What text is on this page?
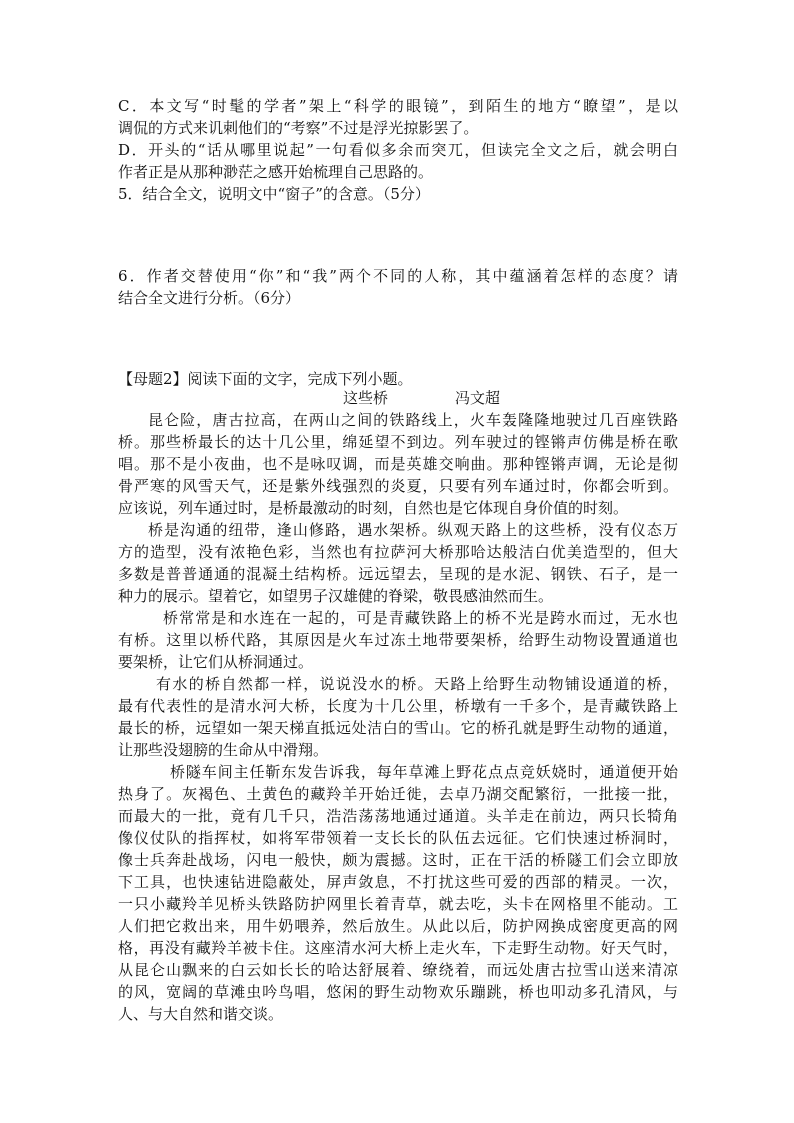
C．本文写“时髦的学者”架上“科学的眼镜”，到陌生的地方“瞭望”，是以
调侃的方式来讥刺他们的“考察”不过是浮光掠影罢了。
D．开头的“话从哪里说起”一句看似多余而突兀，但读完全文之后，就会明白
作者正是从那种渺茫之感开始梳理自己思路的。
5．结合全文，说明文中“窗子”的含意。（5分）
6．作者交替使用“你”和“我”两个不同的人称，其中蕴涵着怎样的态度？请
结合全文进行分析。（6分）
【母题2】阅读下面的文字，完成下列小题。
这些桥	冯文超
昆仑险，唐古拉高，在两山之间的铁路线上，火车轰隆隆地驶过几百座铁路
桥。那些桥最长的达十几公里，绵延望不到边。列车驶过的铿锵声仿佛是桥在歌
唱。那不是小夜曲，也不是咏叹调，而是英雄交响曲。那种铿锵声调，无论是彻
骨严寒的风雪天气，还是紫外线强烈的炎夏，只要有列车通过时，你都会听到。
应该说，列车通过时，是桥最激动的时刻，自然也是它体现自身价值的时刻。
桥是沟通的纽带，逢山修路，遇水架桥。纵观天路上的这些桥，没有仪态万
方的造型，没有浓艳色彩，当然也有拉萨河大桥那哈达般洁白优美造型的，但大
多数是普普通通的混凝土结构桥。远远望去，呈现的是水泥、钢铁、石子，是一
种力的展示。望着它，如望男子汉雄健的脊梁，敬畏感油然而生。
桥常常是和水连在一起的，可是青藏铁路上的桥不光是跨水而过，无水也
有桥。这里以桥代路，其原因是火车过冻土地带要架桥，给野生动物设置通道也
要架桥，让它们从桥洞通过。
有水的桥自然都一样，说说没水的桥。天路上给野生动物铺设通道的桥，
最有代表性的是清水河大桥，长度为十几公里，桥墩有一千多个，是青藏铁路上
最长的桥，远望如一架天梯直抵远处洁白的雪山。它的桥孔就是野生动物的通道，
让那些没翅膀的生命从中滑翔。
桥隧车间主任靳东发告诉我，每年草滩上野花点点竞妖娆时，通道便开始
热身了。灰褐色、土黄色的藏羚羊开始迁徙，去卓乃湖交配繁衍，一批接一批，
而最大的一批，竟有几千只，浩浩荡荡地通过通道。头羊走在前边，两只长犄角
像仪仗队的指挥杖，如将军带领着一支长长的队伍去远征。它们快速过桥洞时，
像士兵奔赴战场，闪电一般快，颇为震撼。这时，正在干活的桥隧工们会立即放
下工具，也快速钻进隐蔽处，屏声敛息，不打扰这些可爱的西部的精灵。一次，
一只小藏羚羊见桥头铁路防护网里长着青草，就去吃，头卡在网格里不能动。工
人们把它救出来，用牛奶喂养，然后放生。从此以后，防护网换成密度更高的网
格，再没有藏羚羊被卡住。这座清水河大桥上走火车，下走野生动物。好天气时，
从昆仑山飘来的白云如长长的哈达舒展着、缭绕着，而远处唐古拉雪山送来清凉
的风，宽阔的草滩虫吟鸟唱，悠闲的野生动物欢乐蹦跳，桥也叩动多孔清风，与
人、与大自然和谐交谈。
